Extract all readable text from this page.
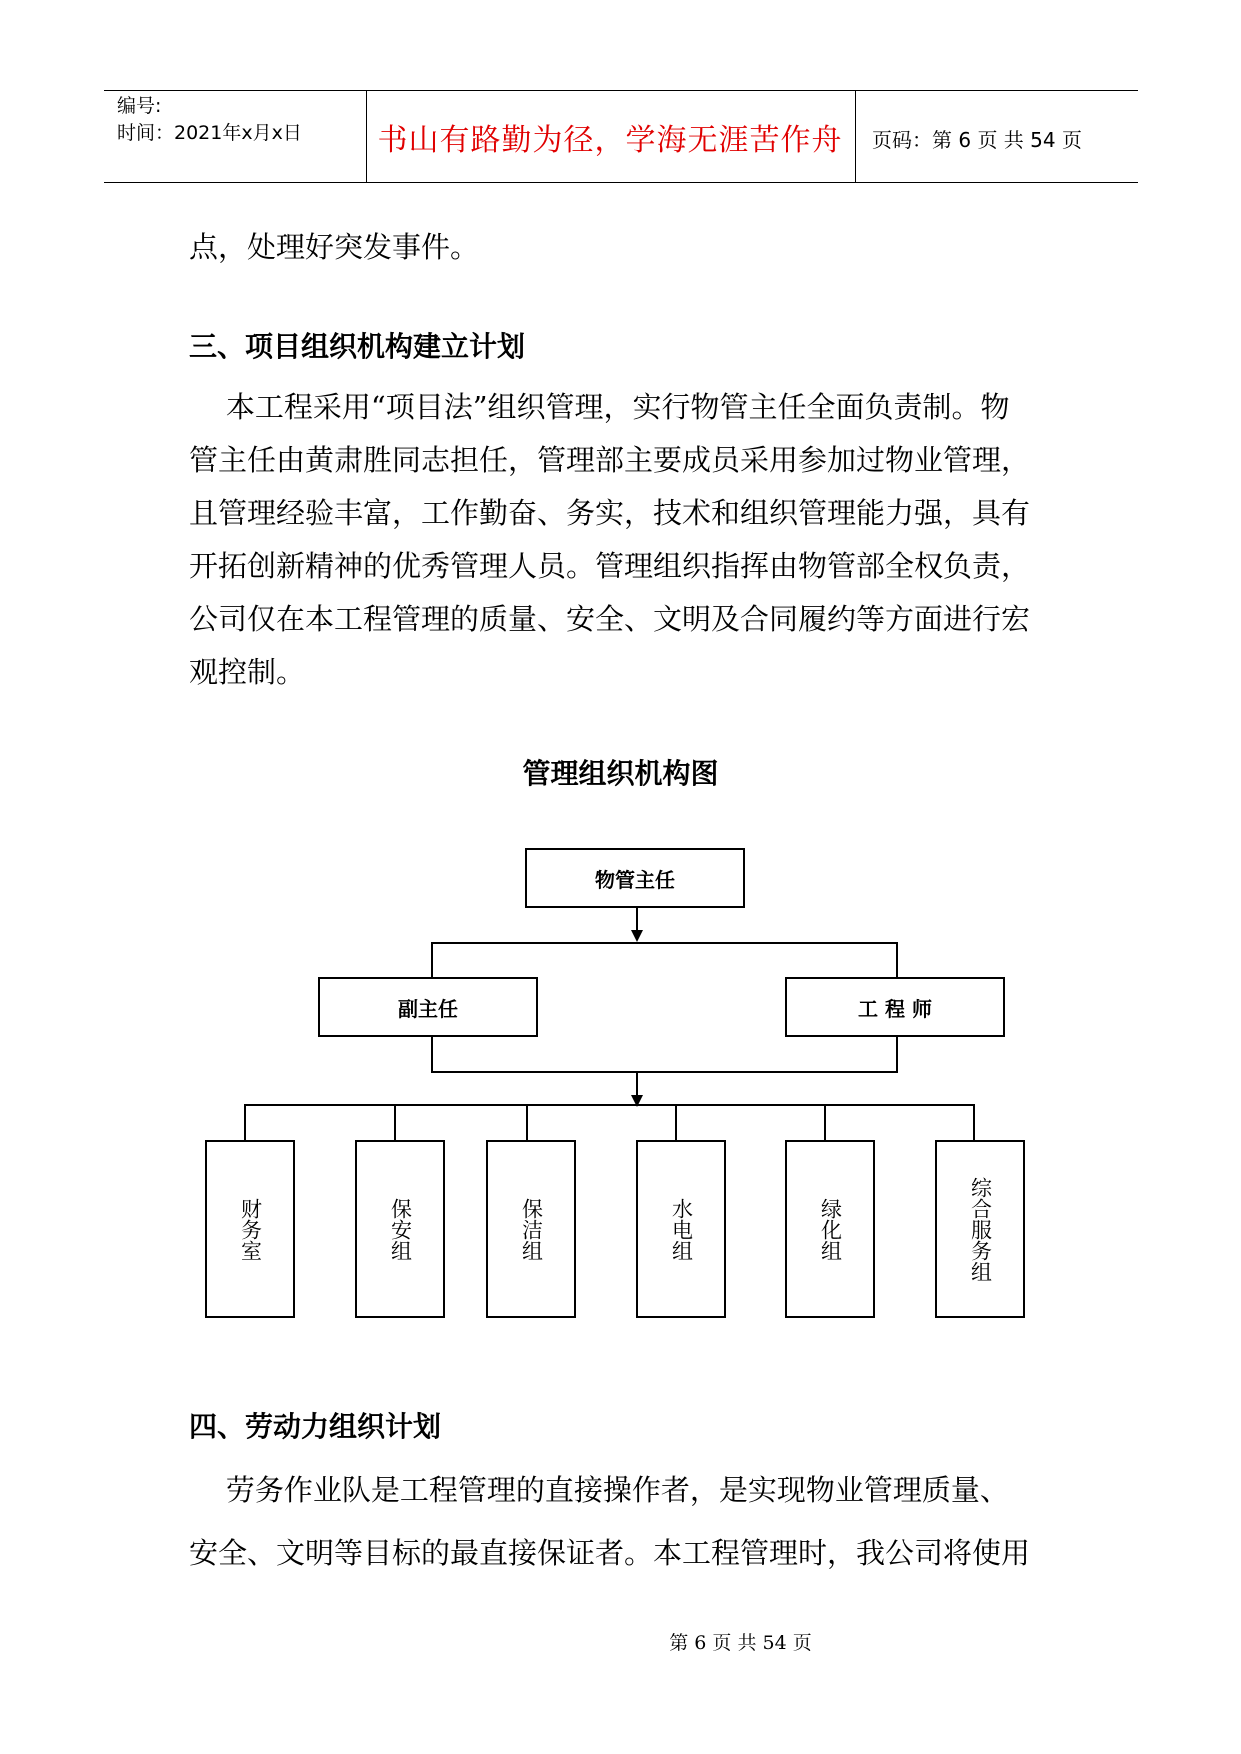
编号:
时间：2021年x月x日	书山有路勤为径，学海无涯苦作舟	页码：第 6 页 共 54 页
点，处理好突发事件。
三、项目组织机构建立计划
本工程采用“项目法”组织管理，实行物管主任全面负责制。物
管主任由黄肃胜同志担任，管理部主要成员采用参加过物业管理，
且管理经验丰富，工作勤奋、务实，技术和组织管理能力强，具有
开拓创新精神的优秀管理人员。管理组织指挥由物管部全权负责，
公司仅在本工程管理的质量、安全、文明及合同履约等方面进行宏
观控制。
管理组织机构图
物管主任
副主任	工 程 师
财务室	保安组	保洁组	水电组	绿化组	综合服务组
四、劳动力组织计划
劳务作业队是工程管理的直接操作者，是实现物业管理质量、
安全、文明等目标的最直接保证者。本工程管理时，我公司将使用
第 6 页 共 54 页
